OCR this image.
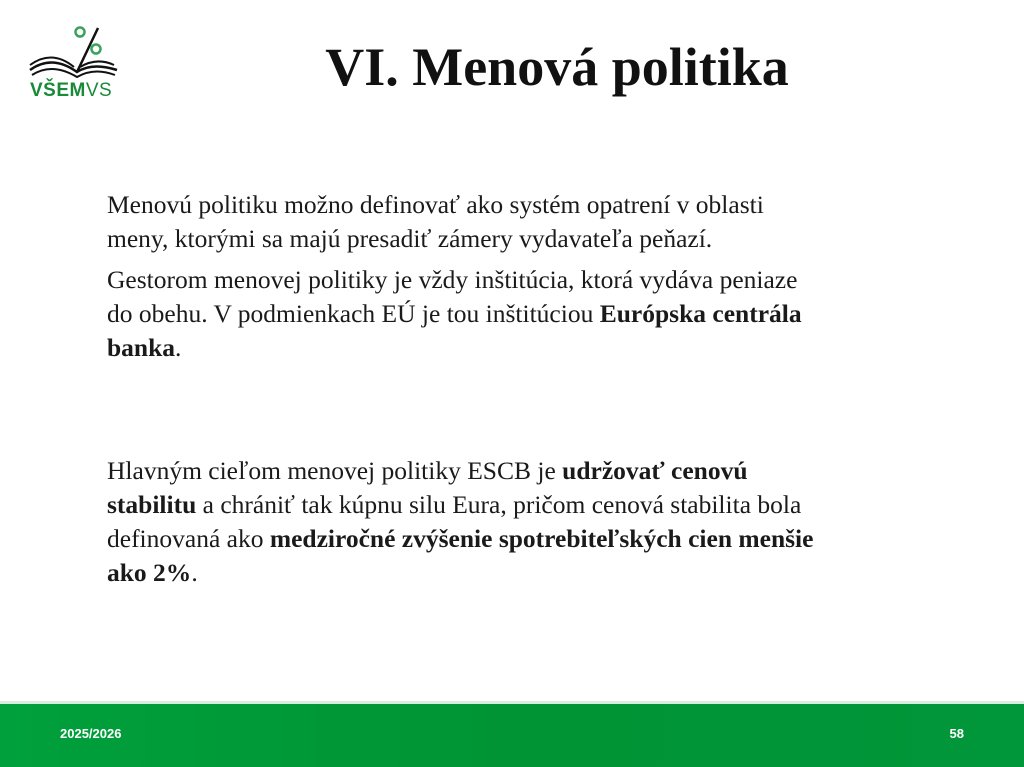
VŠEMVS	VI. Menová politika
Menovú politiku možno definovať ako systém opatrení v oblasti
meny, ktorými sa majú presadiť zámery vydavateľa peňazí.
Gestorom menovej politiky je vždy inštitúcia, ktorá vydáva peniaze
do obehu. V podmienkach EÚ je tou inštitúciou Európska centrála
banka.
Hlavným cieľom menovej politiky ESCB je udržovať cenovú
stabilitu a chrániť tak kúpnu silu Eura, pričom cenová stabilita bola
definovaná ako medziročné zvýšenie spotrebiteľských cien menšie
ako 2%.
2025/2026	58
